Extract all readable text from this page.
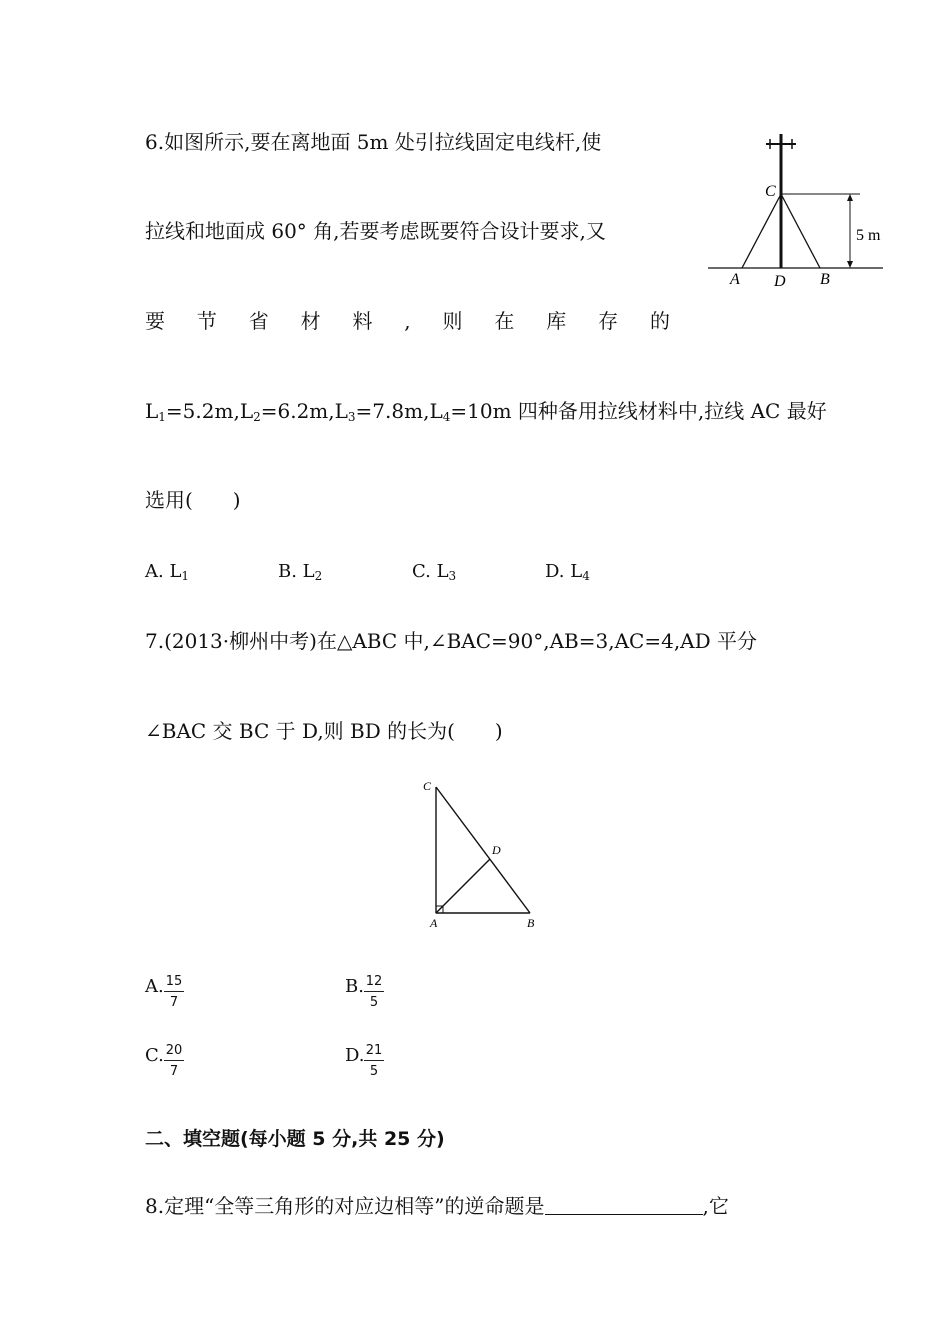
6.如图所示,要在离地面 5m 处引拉线固定电线杆,使
拉线和地面成 60° 角,若要考虑既要符合设计要求,又
要 节 省 材 料 , 则 在 库 存 的
$L_1=5.2m,L_2=6.2m,L_3=7.8m,L_4=10m$ 四种备用拉线材料中,拉线 AC 最好
选用(　　)
A. $L_1$	B. $L_2$	C. $L_3$	D. $L_4$
C
A D B
5 m
7.(2013·柳州中考)在△ABC 中,∠BAC=90°,AB=3,AC=4,AD 平分
∠BAC 交 BC 于 D,则 BD 的长为(　　)
C
D
A	B
A. $\frac{15}{7}$	B. $\frac{12}{5}$
C. $\frac{20}{7}$	D. $\frac{21}{5}$
二、填空题(每小题 5 分,共 25 分)
8.定理“全等三角形的对应边相等”的逆命题是	,它
